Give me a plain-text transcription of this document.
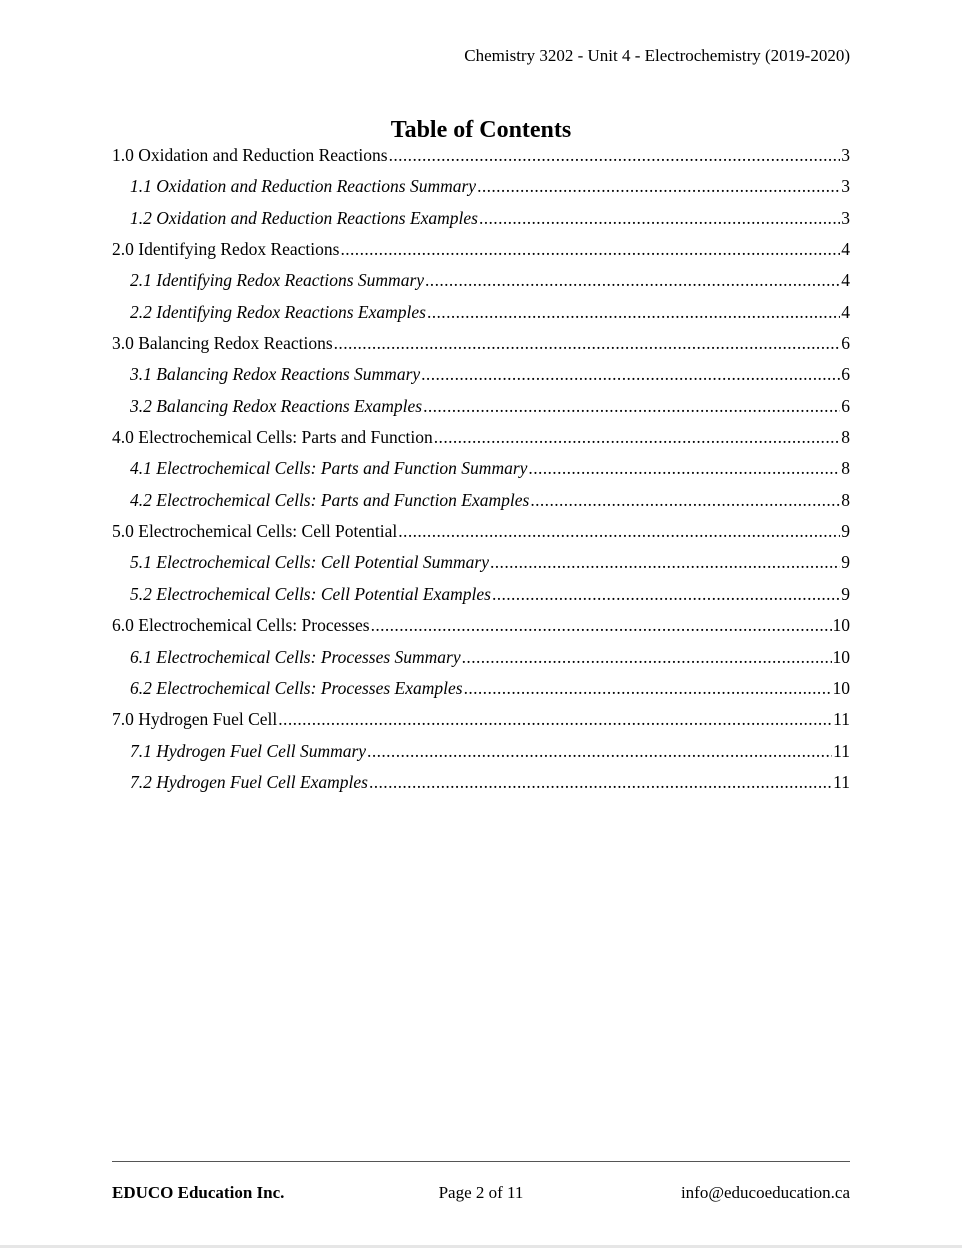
Chemistry 3202 - Unit 4 - Electrochemistry (2019-2020)
Table of Contents
1.0 Oxidation and Reduction Reactions .....	3
1.1 Oxidation and Reduction Reactions Summary .....	3
1.2 Oxidation and Reduction Reactions Examples .....	3
2.0 Identifying Redox Reactions .....	4
2.1 Identifying Redox Reactions Summary .....	4
2.2 Identifying Redox Reactions Examples .....	4
3.0 Balancing Redox Reactions .....	6
3.1 Balancing Redox Reactions Summary .....	6
3.2 Balancing Redox Reactions Examples .....	6
4.0 Electrochemical Cells: Parts and Function .....	8
4.1 Electrochemical Cells: Parts and Function Summary .....	8
4.2 Electrochemical Cells: Parts and Function Examples .....	8
5.0 Electrochemical Cells: Cell Potential .....	9
5.1 Electrochemical Cells: Cell Potential Summary .....	9
5.2 Electrochemical Cells: Cell Potential Examples .....	9
6.0 Electrochemical Cells: Processes .....	10
6.1 Electrochemical Cells: Processes Summary .....	10
6.2 Electrochemical Cells: Processes Examples .....	10
7.0 Hydrogen Fuel Cell .....	11
7.1 Hydrogen Fuel Cell Summary .....	11
7.2 Hydrogen Fuel Cell Examples .....	11
EDUCO Education Inc.	Page 2 of 11	info@educoeducation.ca
